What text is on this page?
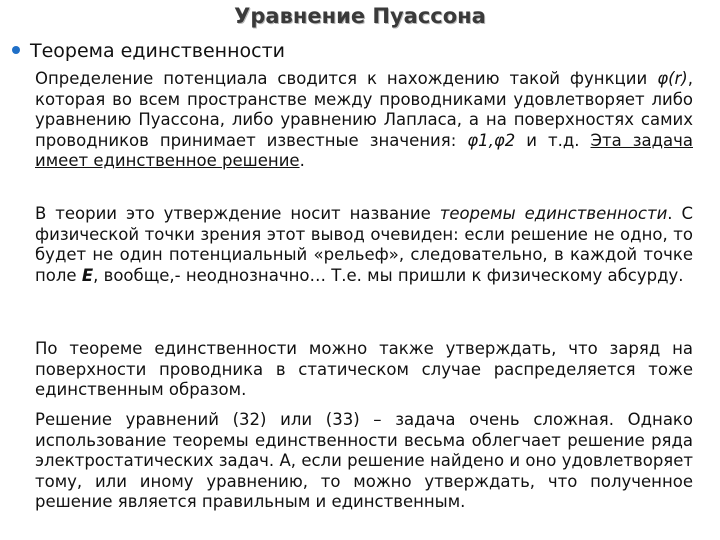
Уравнение Пуассона
Теорема единственности
Определение потенциала сводится к нахождению такой функции φ(r), которая во всем пространстве между проводниками удовлетворяет либо уравнению Пуассона, либо уравнению Лапласа, а на поверхностях самих проводников принимает известные значения: φ1,φ2 и т.д. Эта задача имеет единственное решение.
В теории это утверждение носит название теоремы единственности. С физической точки зрения этот вывод очевиден: если решение не одно, то будет не один потенциальный «рельеф», следовательно, в каждой точке поле E, вообще,- неоднозначно… Т.е. мы пришли к физическому абсурду.
По теореме единственности можно также утверждать, что заряд на поверхности проводника в статическом случае распределяется тоже единственным образом.
Решение уравнений (32) или (33) – задача очень сложная. Однако использование теоремы единственности весьма облегчает решение ряда электростатических задач. А, если решение найдено и оно удовлетворяет тому, или иному уравнению, то можно утверждать, что полученное решение является правильным и единственным.
